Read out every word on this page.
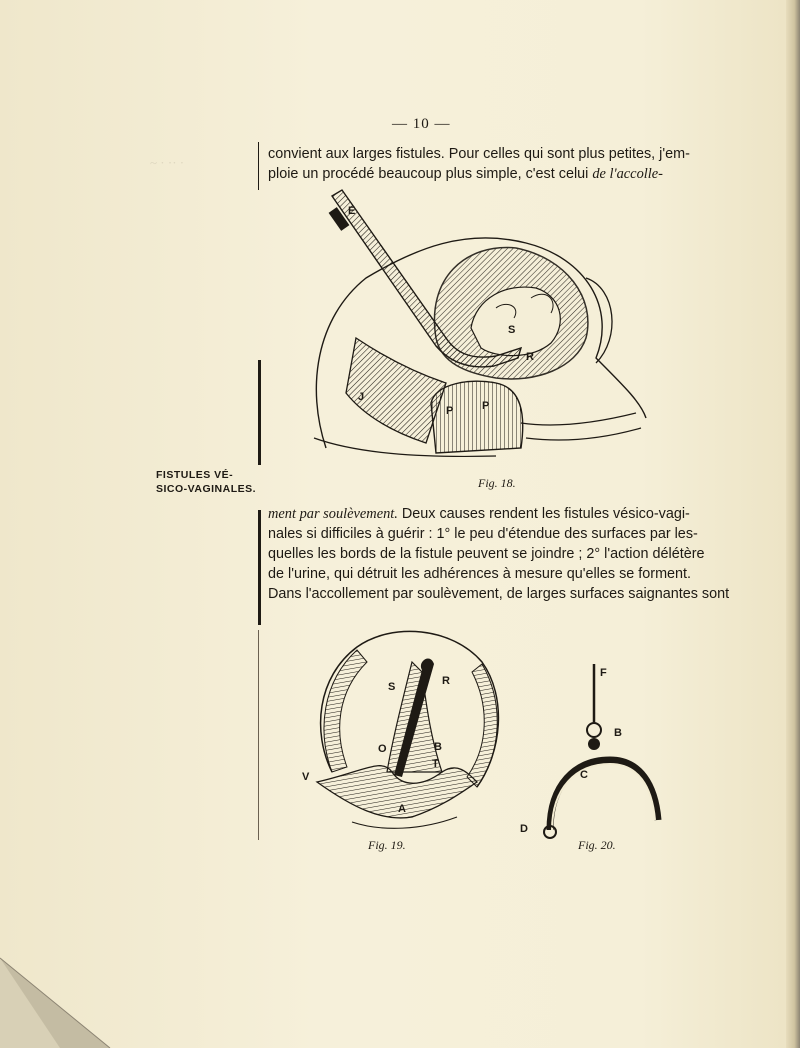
~ · ·· ·
— 10 —
convient aux larges fistules. Pour celles qui sont plus petites, j'em-
ploie un procédé beaucoup plus simple, c'est celui de l'accolle-
E
S
R
J
P	P
Fig. 18.
FISTULES VÉ-
SICO-VAGINALES.
ment par soulèvement. Deux causes rendent les fistules vésico-vagi-
nales si difficiles à guérir : 1° le peu d'étendue des surfaces par les-
quelles les bords de la fistule peuvent se joindre ; 2° l'action délétère
de l'urine, qui détruit les adhérences à mesure qu'elles se forment.
Dans l'accollement par soulèvement, de larges surfaces saignantes sont
S	R
O	B
T
V
A
Fig. 19.
F
B
C
D
Fig. 20.
